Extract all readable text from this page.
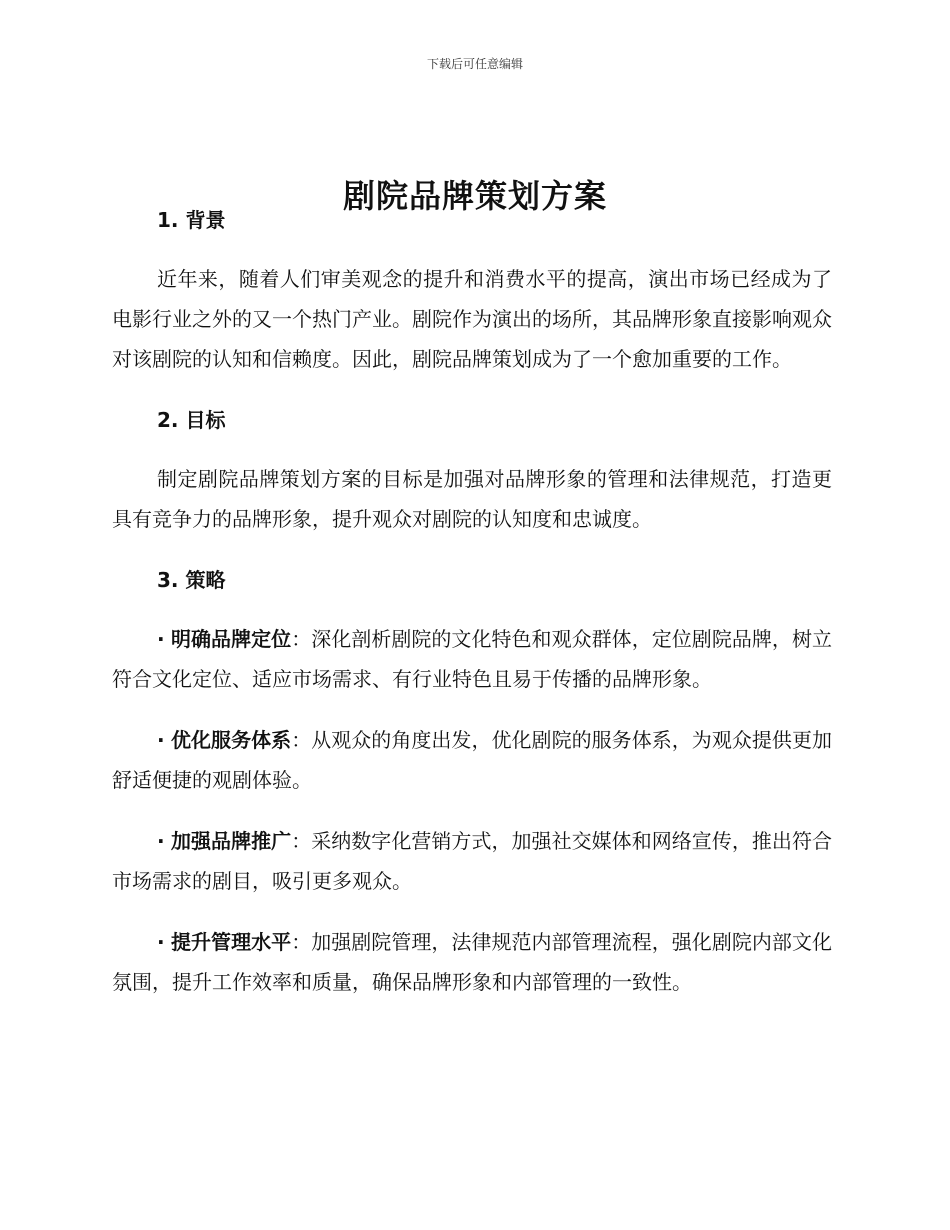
下载后可任意编辑
剧院品牌策划方案
1. 背景

近年来，随着人们审美观念的提升和消费水平的提高，演出市场已经成为了电影行业之外的又一个热门产业。剧院作为演出的场所，其品牌形象直接影响观众对该剧院的认知和信赖度。因此，剧院品牌策划成为了一个愈加重要的工作。

2. 目标

制定剧院品牌策划方案的目标是加强对品牌形象的管理和法律规范，打造更具有竞争力的品牌形象，提升观众对剧院的认知度和忠诚度。

3. 策略

· 明确品牌定位：深化剖析剧院的文化特色和观众群体，定位剧院品牌，树立符合文化定位、适应市场需求、有行业特色且易于传播的品牌形象。

· 优化服务体系：从观众的角度出发，优化剧院的服务体系，为观众提供更加舒适便捷的观剧体验。

· 加强品牌推广：采纳数字化营销方式，加强社交媒体和网络宣传，推出符合市场需求的剧目，吸引更多观众。

· 提升管理水平：加强剧院管理，法律规范内部管理流程，强化剧院内部文化氛围，提升工作效率和质量，确保品牌形象和内部管理的一致性。
